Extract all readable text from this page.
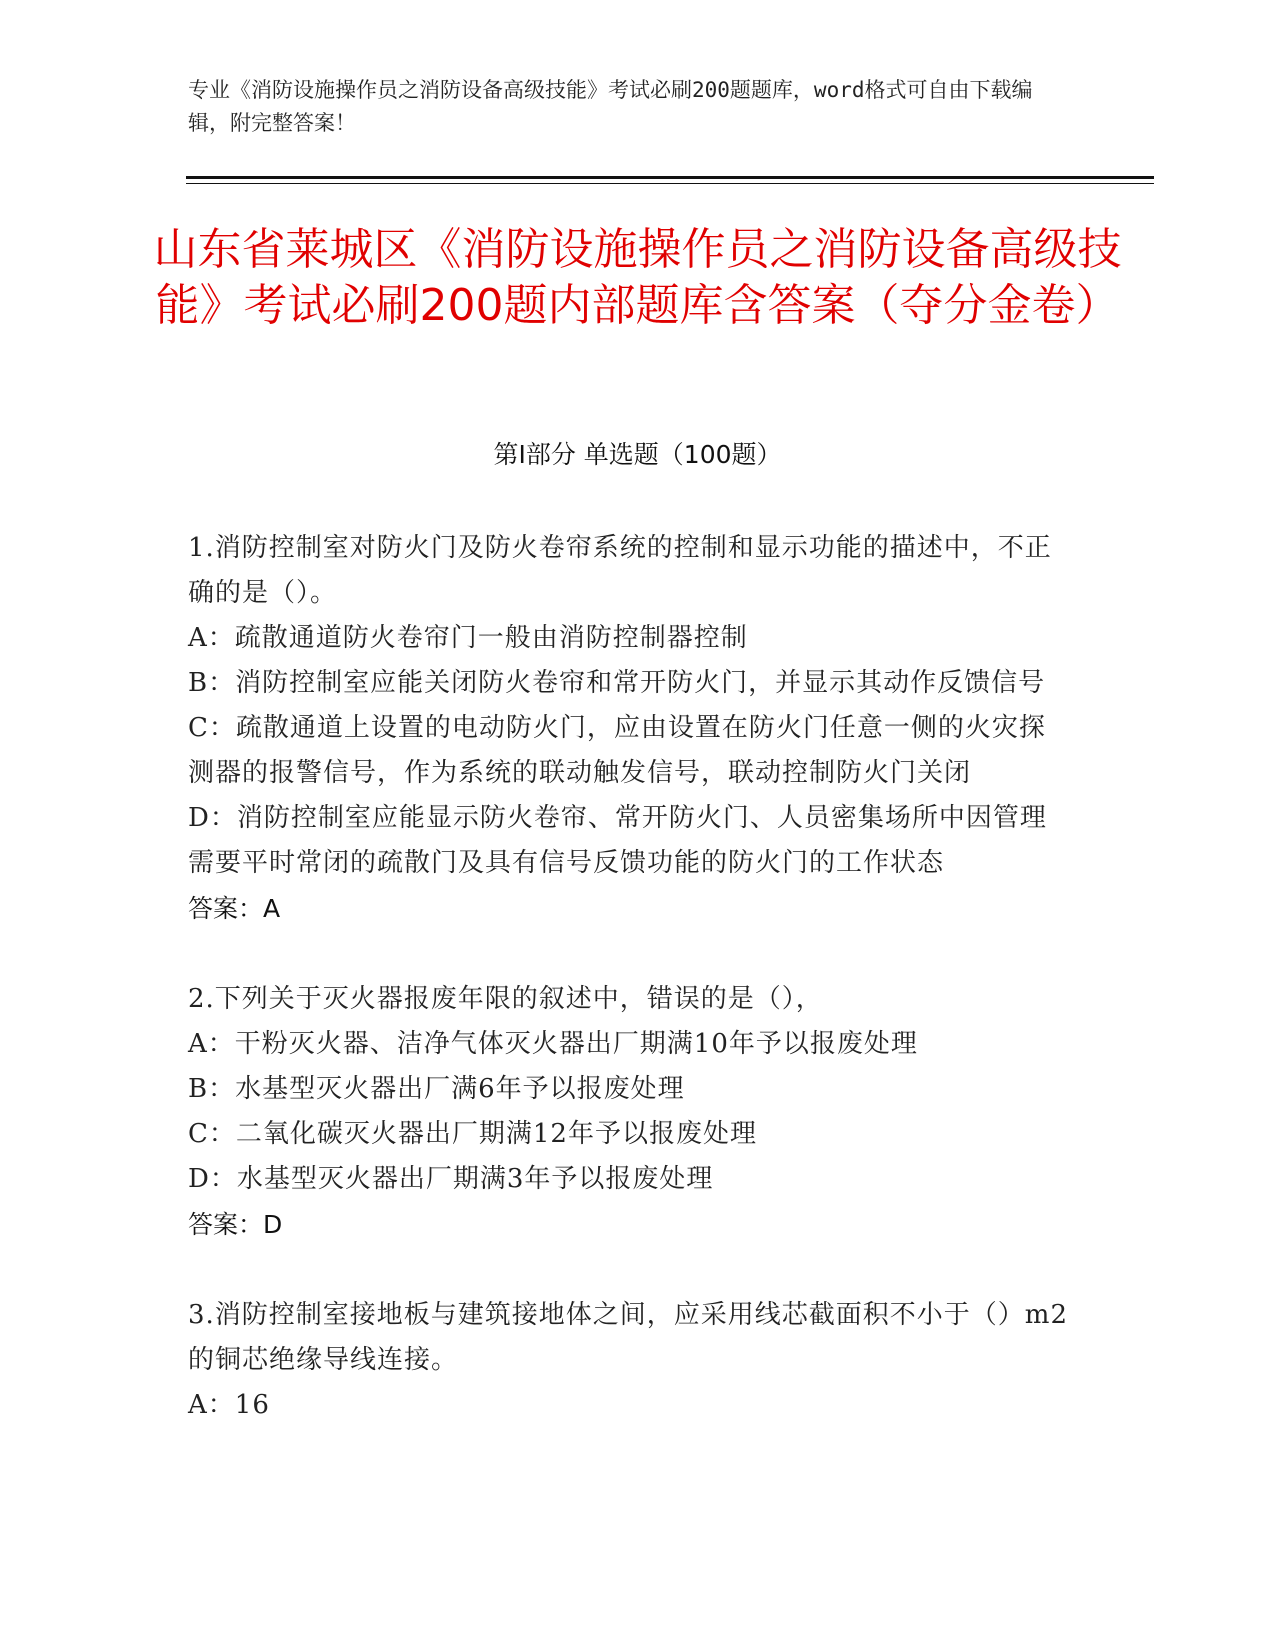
专业《消防设施操作员之消防设备高级技能》考试必刷200题题库，word格式可自由下载编辑，附完整答案！
山东省莱城区《消防设施操作员之消防设备高级技能》考试必刷200题内部题库含答案（夺分金卷）
第Ⅰ部分 单选题（100题）

1.消防控制室对防火门及防火卷帘系统的控制和显示功能的描述中，不正确的是（）。

A：疏散通道防火卷帘门一般由消防控制器控制

B：消防控制室应能关闭防火卷帘和常开防火门，并显示其动作反馈信号

C：疏散通道上设置的电动防火门，应由设置在防火门任意一侧的火灾探测器的报警信号，作为系统的联动触发信号，联动控制防火门关闭

D：消防控制室应能显示防火卷帘、常开防火门、人员密集场所中因管理需要平时常闭的疏散门及具有信号反馈功能的防火门的工作状态

答案：A

2.下列关于灭火器报废年限的叙述中，错误的是（），

A：干粉灭火器、洁净气体灭火器出厂期满10年予以报废处理

B：水基型灭火器出厂满6年予以报废处理

C：二氧化碳灭火器出厂期满12年予以报废处理

D：水基型灭火器出厂期满3年予以报废处理

答案：D

3.消防控制室接地板与建筑接地体之间，应采用线芯截面积不小于（）m2的铜芯绝缘导线连接。

A：16
